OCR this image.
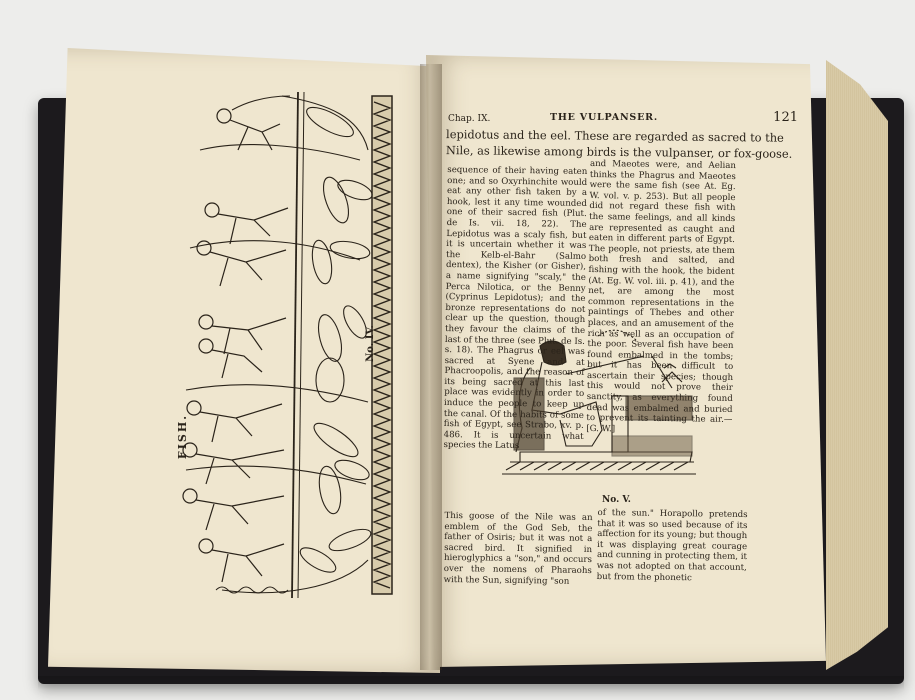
FISH.
No. IV.
Chap. IX.	THE VULPANSER.	121

lepidotus and the eel. These are regarded as sacred to the Nile, as likewise among birds is the vulpanser, or fox-goose.

sequence of their having eaten one; and so Oxyrhinchite would eat any other fish taken by a hook, lest it any time wounded one of their sacred fish (Plut. de Is. vii. 18, 22). The Lepidotus was a scaly fish, but it is uncertain whether it was the Kelb-el-Bahr (Salmo dentex), the Kisher (or Gisher), a name signifying "scaly," the Perca Nilotica, or the Benny (Cyprinus Lepidotus); and the bronze representations do not clear up the question, though they favour the claims of the last of the three (see Plut. de Is. s. 18). The Phagrus or eel was sacred at Syene and at Phacroopolis, and the reason of its being sacred at this last place was evidently in order to induce the people to keep up the canal. Of the habits of some fish of Egypt, see Strabo, xv. p. 486. It is uncertain what species the Latus

and Maeotes were, and Aelian thinks the Phagrus and Maeotes were the same fish (see At. Eg. W. vol. v. p. 253). But all people did not regard these fish with the same feelings, and all kinds are represented as caught and eaten in different parts of Egypt. The people, not priests, ate them both fresh and salted, and fishing with the hook, the bident (At. Eg. W. vol. iii. p. 41), and the net, are among the most common representations in the paintings of Thebes and other places, and an amusement of the rich as well as an occupation of the poor. Several fish have been found embalmed in the tombs; but it has been difficult to ascertain their species; though this would not prove their sanctity, as everything found dead was embalmed and buried to prevent its tainting the air.—[G. W.]

No. V.

This goose of the Nile was an emblem of the God Seb, the father of Osiris; but it was not a sacred bird. It signified in hieroglyphics a "son," and occurs over the nomens of Pharaohs with the Sun, signifying "son

of the sun." Horapollo pretends that it was so used because of its affection for its young; but though it was displaying great courage and cunning in protecting them, it was not adopted on that account, but from the phonetic
